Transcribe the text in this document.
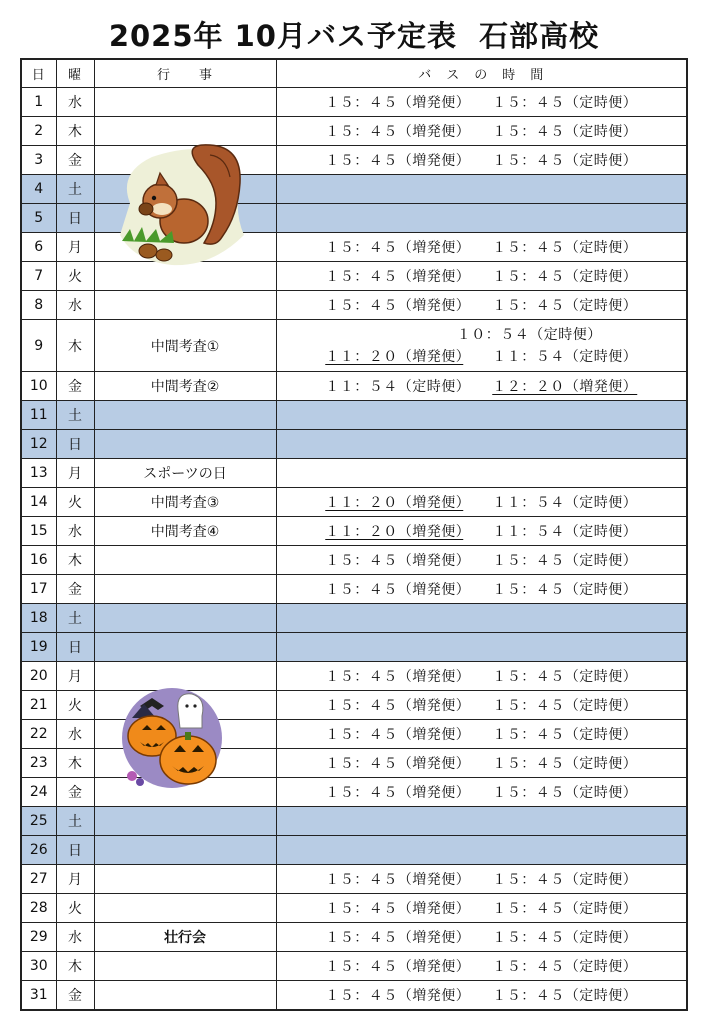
2025年 10月バス予定表  石部高校
日	曜	行　　事	バ　ス　の　時　間
1	水		１５：４５（増発便）　　 １５：４５（定時便）
2	木		１５：４５（増発便）　　 １５：４５（定時便）
3	金		１５：４５（増発便）　　 １５：４５（定時便）
4	土		
5	日		
6	月		１５：４５（増発便）　　 １５：４５（定時便）
7	火		１５：４５（増発便）　　 １５：４５（定時便）
8	水		１５：４５（増発便）　　 １５：４５（定時便）
9	木	中間考査①	１０：５４（定時便）
１１：２０（増発便）　　 １１：５４（定時便）

10	金	中間考査②	１１：５４（定時便）　　 １２：２０（増発便）
11	土		
12	日		
13	月	スポーツの日	
14	火	中間考査③	１１：２０（増発便）　　 １１：５４（定時便）
15	水	中間考査④	１１：２０（増発便）　　 １１：５４（定時便）
16	木		１５：４５（増発便）　　 １５：４５（定時便）
17	金		１５：４５（増発便）　　 １５：４５（定時便）
18	土		
19	日		
20	月		１５：４５（増発便）　　 １５：４５（定時便）
21	火		１５：４５（増発便）　　 １５：４５（定時便）
22	水		１５：４５（増発便）　　 １５：４５（定時便）
23	木		１５：４５（増発便）　　 １５：４５（定時便）
24	金		１５：４５（増発便）　　 １５：４５（定時便）
25	土		
26	日		
27	月		１５：４５（増発便）　　 １５：４５（定時便）
28	火		１５：４５（増発便）　　 １５：４５（定時便）
29	水	壮行会	１５：４５（増発便）　　 １５：４５（定時便）
30	木		１５：４５（増発便）　　 １５：４５（定時便）
31	金		１５：４５（増発便）　　 １５：４５（定時便）
